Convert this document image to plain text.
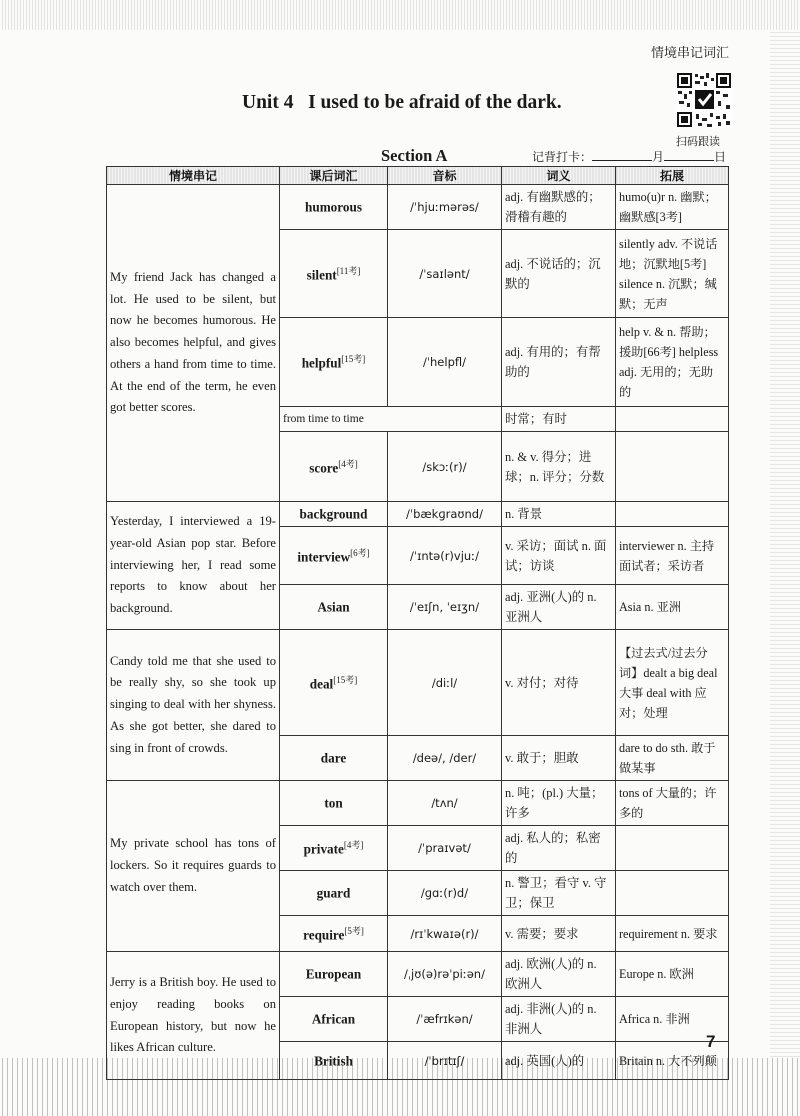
情境串记词汇
扫码跟读
Unit 4   I used to be afraid of the dark.
Section A	记背打卡：	月	日
情境串记	课后词汇	音标	词义	拓展
My friend Jack has changed a lot. He used to be silent, but now he becomes humorous. He also becomes helpful, and gives others a hand from time to time. At the end of the term, he even got better scores.	humorous	/ˈhjuːmərəs/	adj. 有幽默感的；滑稽有趣的	humo(u)r n. 幽默；幽默感[3考]
	silent[11考]	/ˈsaɪlənt/	adj. 不说话的；沉默的	silently adv. 不说话地；沉默地[5考] silence n. 沉默；缄默；无声
	helpful[15考]	/ˈhelpfl/	adj. 有用的；有帮助的	help v. & n. 帮助；援助[66考] helpless adj. 无用的；无助的
	from time to time		时常；有时	
	score[4考]	/skɔː(r)/	n. & v. 得分；进球；n. 评分；分数	
Yesterday, I interviewed a 19-year-old Asian pop star. Before interviewing her, I read some reports to know about her background.	background	/ˈbækɡraʊnd/	n. 背景	
	interview[6考]	/ˈɪntə(r)vjuː/	v. 采访；面试 n. 面试；访谈	interviewer n. 主持面试者；采访者
	Asian	/ˈeɪʃn, ˈeɪʒn/	adj. 亚洲(人)的 n. 亚洲人	Asia n. 亚洲
Candy told me that she used to be really shy, so she took up singing to deal with her shyness. As she got better, she dared to sing in front of crowds.	deal[15考]	/diːl/	v. 对付；对待	【过去式/过去分词】dealt a big deal 大事 deal with 应对；处理
	dare	/deə/, /der/	v. 敢于；胆敢	dare to do sth. 敢于做某事
My private school has tons of lockers. So it requires guards to watch over them.	ton	/tʌn/	n. 吨；(pl.) 大量；许多	tons of 大量的；许多的
	private[4考]	/ˈpraɪvət/	adj. 私人的；私密的	
	guard	/ɡɑː(r)d/	n. 警卫；看守 v. 守卫；保卫	
	require[5考]	/rɪˈkwaɪə(r)/	v. 需要；要求	requirement n. 要求
Jerry is a British boy. He used to enjoy reading books on European history, but now he likes African culture.	European	/ˌjʊ(ə)rəˈpiːən/	adj. 欧洲(人)的 n. 欧洲人	Europe n. 欧洲
	African	/ˈæfrɪkən/	adj. 非洲(人)的 n. 非洲人	Africa n. 非洲
	British	/ˈbrɪtɪʃ/	adj. 英国(人)的	Britain n. 大不列颠
7
